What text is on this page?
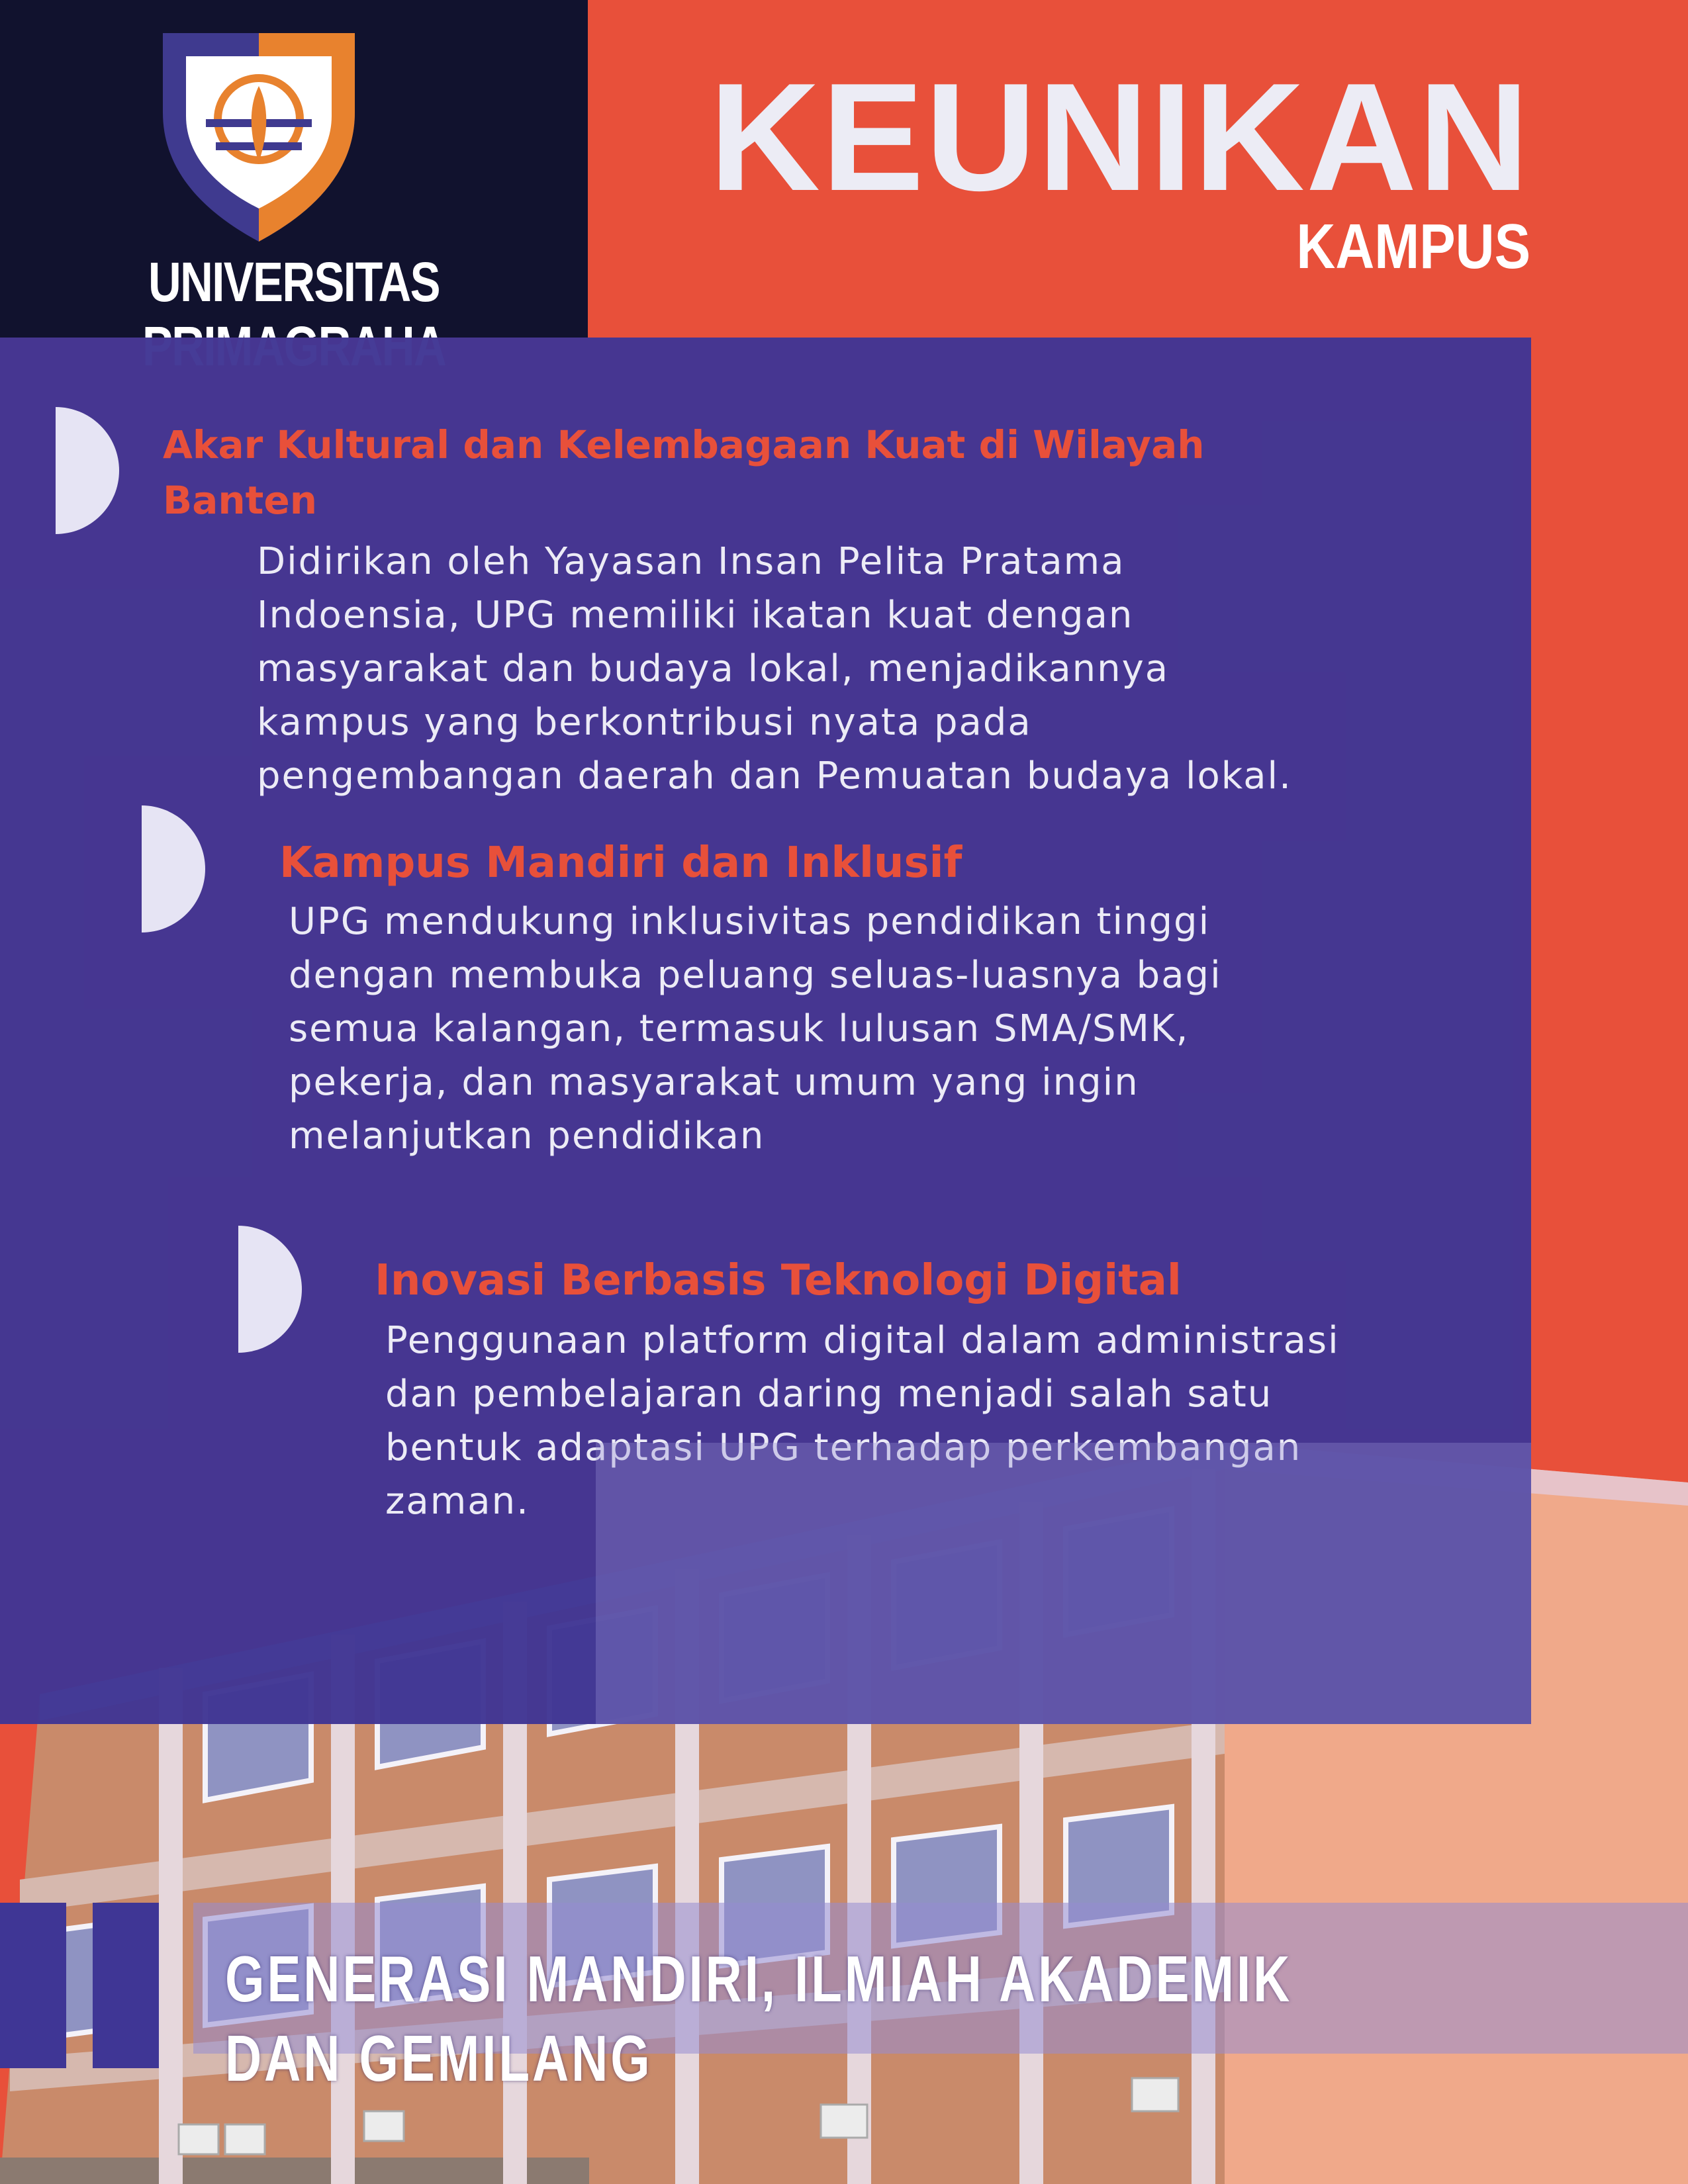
UNIVERSITAS
KEUNIKAN
KAMPUS
Akar Kultural dan Kelembagaan Kuat di Wilayah Banten
Didirikan oleh Yayasan Insan Pelita Pratama
Indoensia, UPG memiliki ikatan kuat dengan
masyarakat dan budaya lokal, menjadikannya
kampus yang berkontribusi nyata pada
pengembangan daerah dan Pemuatan budaya lokal.
Kampus Mandiri dan Inklusif
UPG mendukung inklusivitas pendidikan tinggi
dengan membuka peluang seluas-luasnya bagi
semua kalangan, termasuk lulusan SMA/SMK,
pekerja, dan masyarakat umum yang ingin
melanjutkan pendidikan
Inovasi Berbasis Teknologi Digital
Penggunaan platform digital dalam administrasi
dan pembelajaran daring menjadi salah satu
bentuk adaptasi UPG terhadap perkembangan
zaman.
GENERASI MANDIRI, ILMIAH AKADEMIK DAN GEMILANG
